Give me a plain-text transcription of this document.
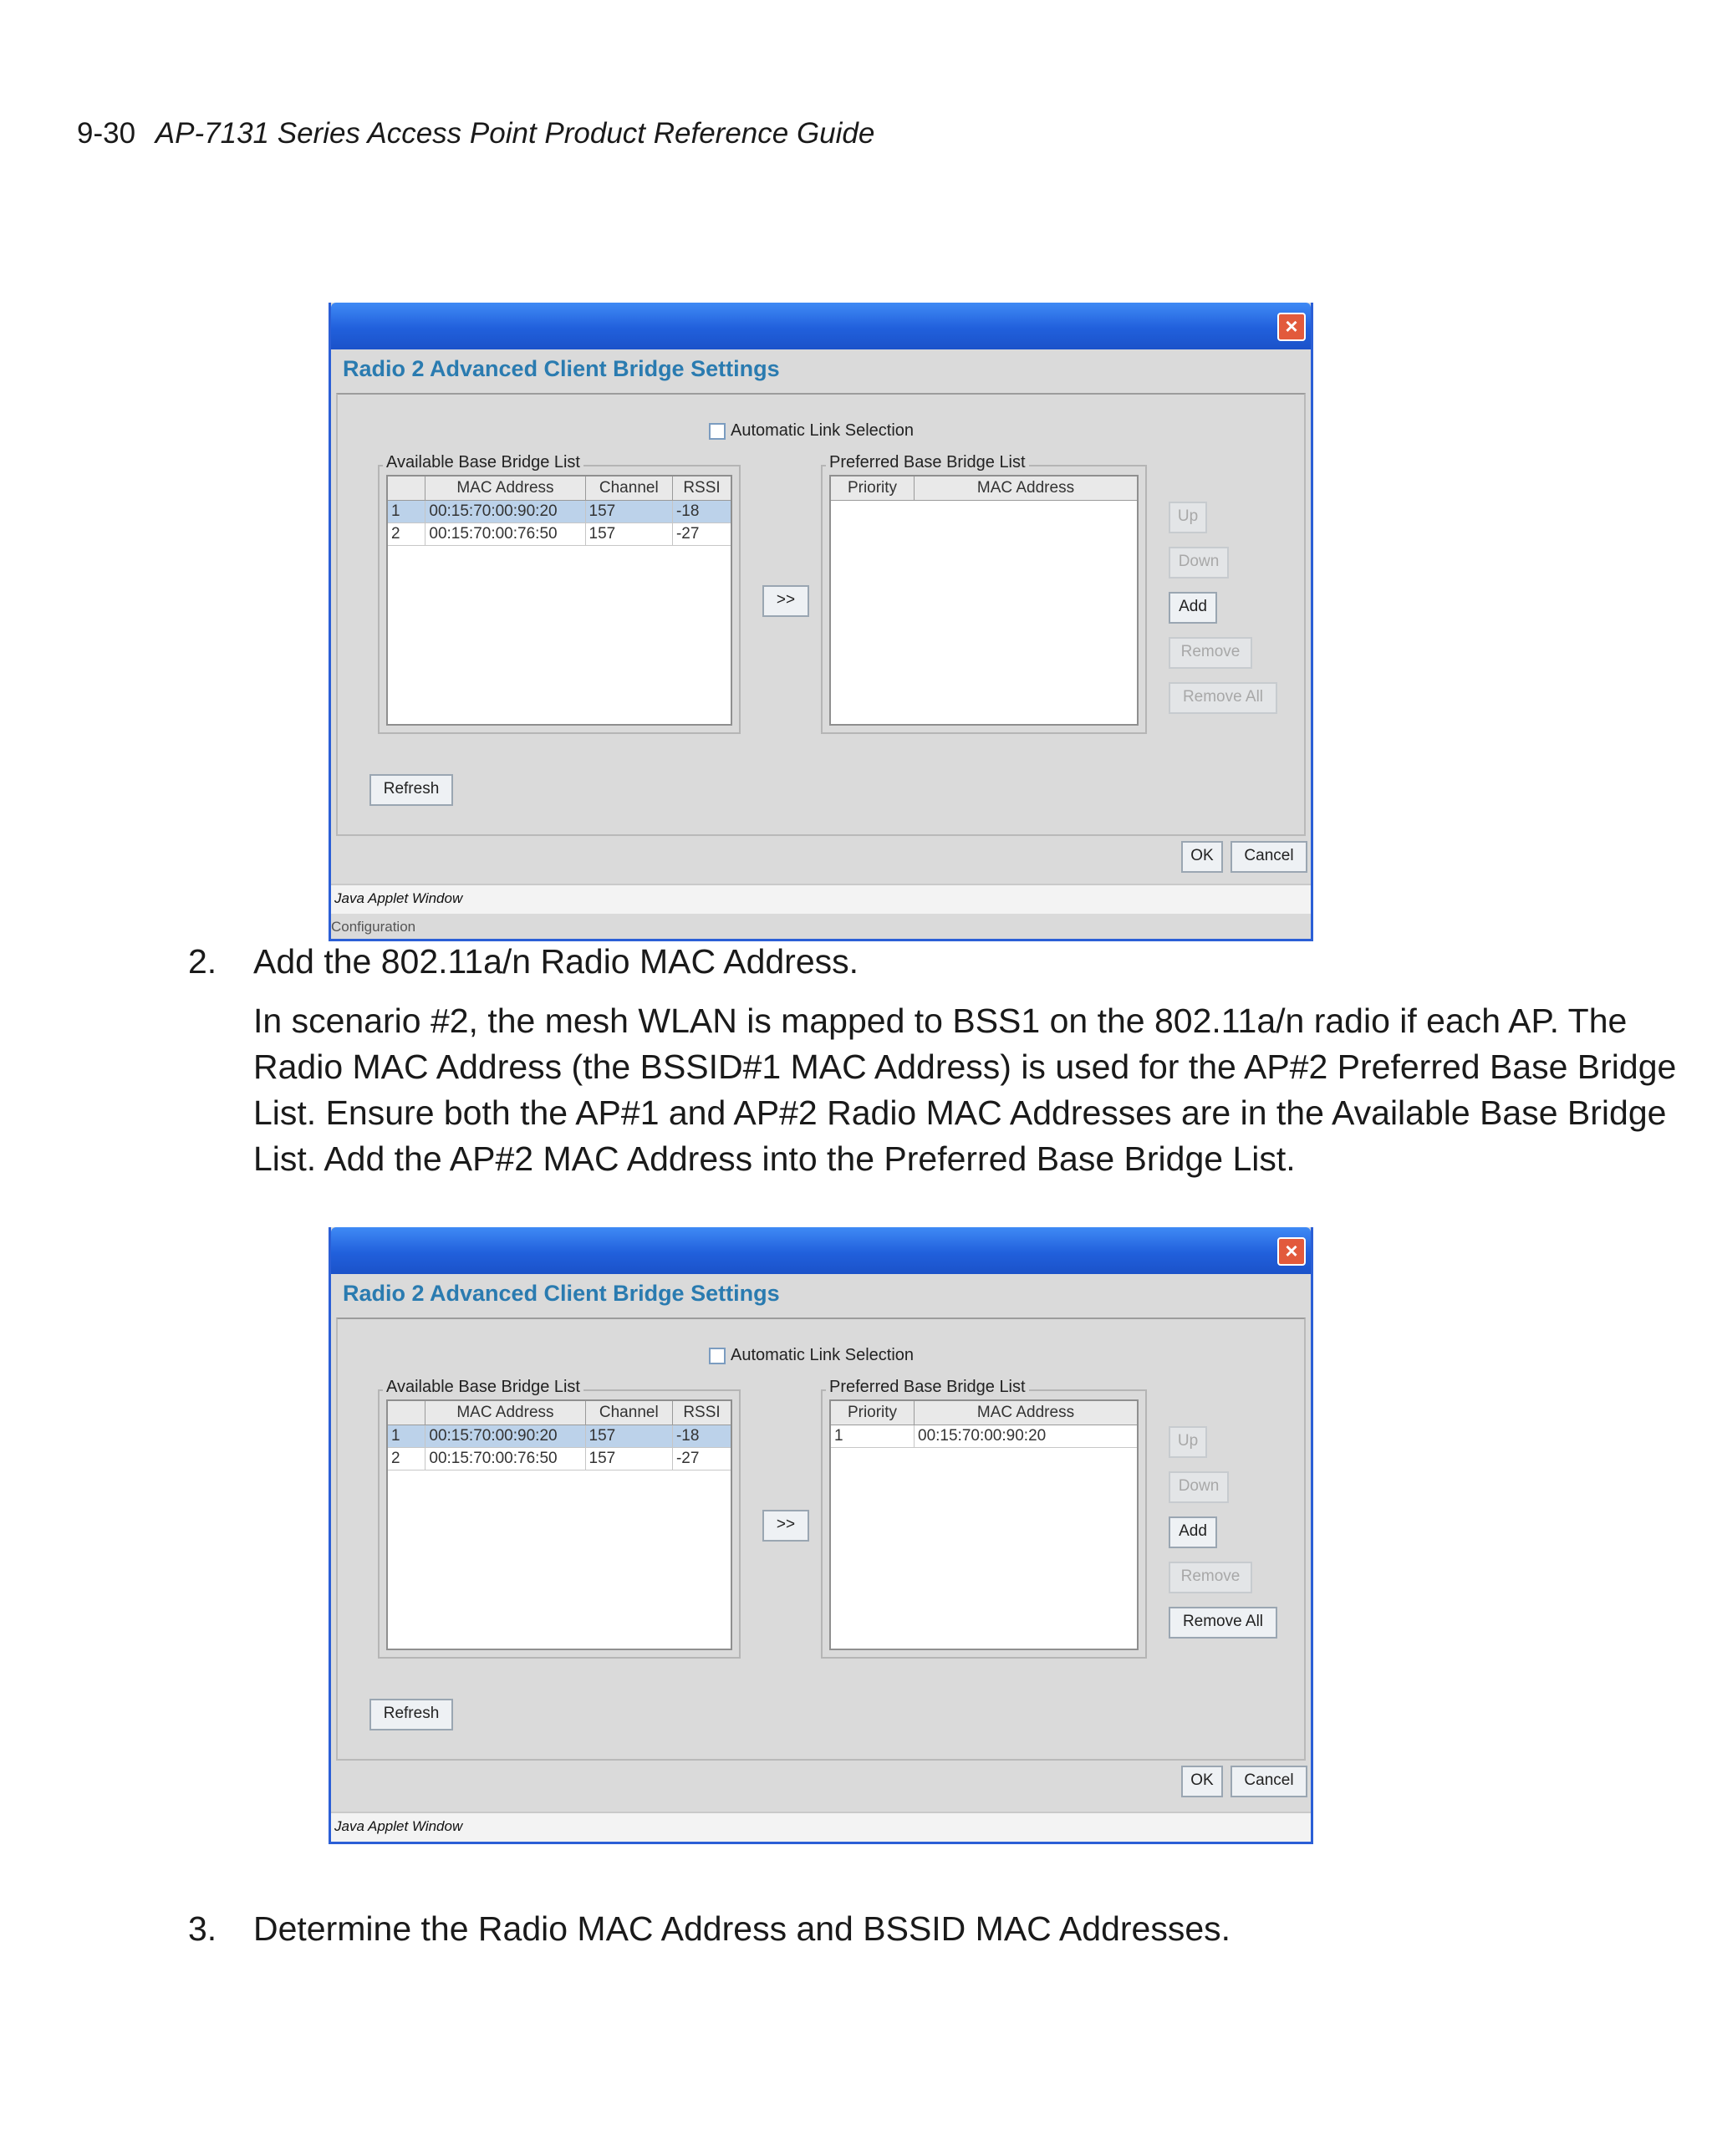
9-30 AP-7131 Series Access Point Product Reference Guide
×
Radio 2 Advanced Client Bridge Settings
Automatic Link Selection
Available Base Bridge List
MAC Address	Channel	RSSI
1	00:15:70:00:90:20	157	-18
2	00:15:70:00:76:50	157	-27
>>
Preferred Base Bridge List
Priority	MAC Address
Up
Down
Add
Remove
Remove All
Refresh
OK	Cancel
Java Applet Window
Configuration
2. Add the 802.11a/n Radio MAC Address.
In scenario #2, the mesh WLAN is mapped to BSS1 on the 802.11a/n radio if each AP. The
Radio MAC Address (the BSSID#1 MAC Address) is used for the AP#2 Preferred Base Bridge
List. Ensure both the AP#1 and AP#2 Radio MAC Addresses are in the Available Base Bridge
List. Add the AP#2 MAC Address into the Preferred Base Bridge List.
×
Radio 2 Advanced Client Bridge Settings
Automatic Link Selection
Available Base Bridge List
MAC Address	Channel	RSSI
1	00:15:70:00:90:20	157	-18
2	00:15:70:00:76:50	157	-27
>>
Preferred Base Bridge List
Priority	MAC Address
1	00:15:70:00:90:20	Up
Down
Add
Remove
Remove All
Refresh
OK	Cancel
Java Applet Window
3. Determine the Radio MAC Address and BSSID MAC Addresses.
